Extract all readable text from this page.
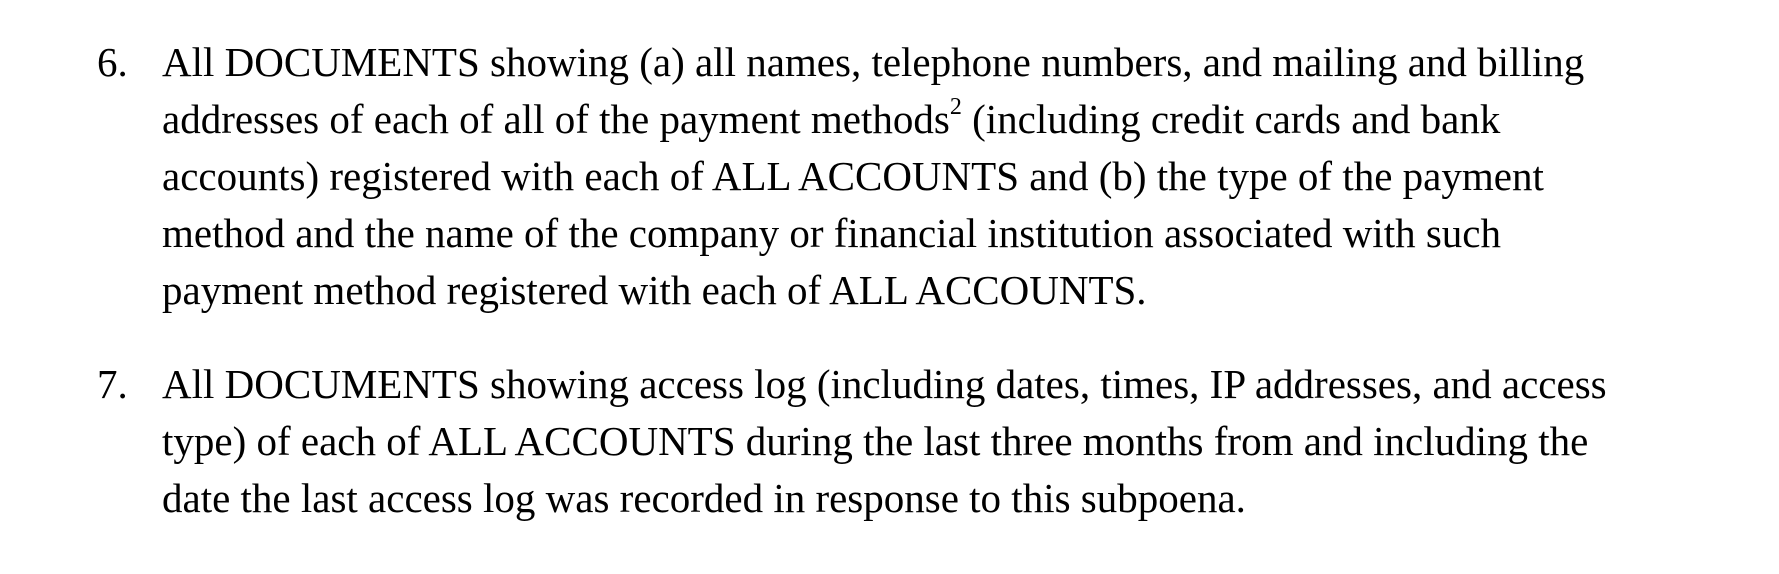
6. All DOCUMENTS showing (a) all names, telephone numbers, and mailing and billing
addresses of each of all of the payment methods$^2$ (including credit cards and bank
accounts) registered with each of ALL ACCOUNTS and (b) the type of the payment
method and the name of the company or financial institution associated with such
payment method registered with each of ALL ACCOUNTS.
7. All DOCUMENTS showing access log (including dates, times, IP addresses, and access
type) of each of ALL ACCOUNTS during the last three months from and including the
date the last access log was recorded in response to this subpoena.
